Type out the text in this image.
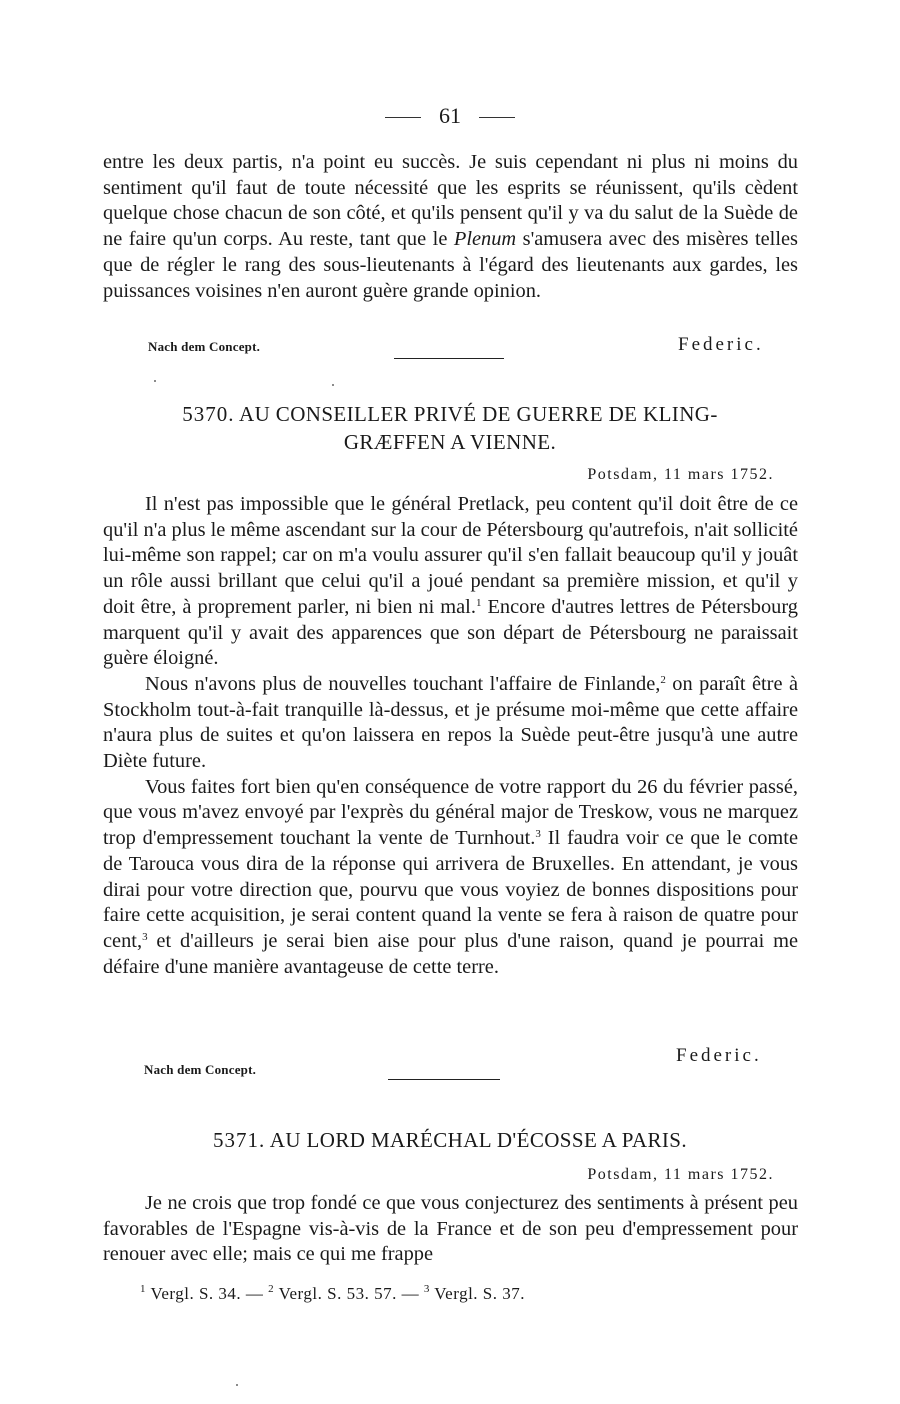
61

entre les deux partis, n'a point eu succès. Je suis cependant ni plus ni moins du sentiment qu'il faut de toute nécessité que les esprits se réunissent, qu'ils cèdent quelque chose chacun de son côté, et qu'ils pensent qu'il y va du salut de la Suède de ne faire qu'un corps. Au reste, tant que le Plenum s'amusera avec des misères telles que de régler le rang des sous-lieutenants à l'égard des lieutenants aux gardes, les puissances voisines n'en auront guère grande opinion.

Nach dem Concept.	Federic.
5370. AU CONSEILLER PRIVÉ DE GUERRE DE KLING-
GRÆFFEN A VIENNE.
Potsdam, 11 mars 1752.

Il n'est pas impossible que le général Pretlack, peu content qu'il doit être de ce qu'il n'a plus le même ascendant sur la cour de Pétersbourg qu'autrefois, n'ait sollicité lui-même son rappel; car on m'a voulu assurer qu'il s'en fallait beaucoup qu'il y jouât un rôle aussi brillant que celui qu'il a joué pendant sa première mission, et qu'il y doit être, à proprement parler, ni bien ni mal.$^1$ Encore d'autres lettres de Pétersbourg marquent qu'il y avait des apparences que son départ de Pétersbourg ne paraissait guère éloigné.

Nous n'avons plus de nouvelles touchant l'affaire de Finlande,$^2$ on paraît être à Stockholm tout-à-fait tranquille là-dessus, et je présume moi-même que cette affaire n'aura plus de suites et qu'on laissera en repos la Suède peut-être jusqu'à une autre Diète future.

Vous faites fort bien qu'en conséquence de votre rapport du 26 du février passé, que vous m'avez envoyé par l'exprès du général major de Treskow, vous ne marquez trop d'empressement touchant la vente de Turnhout.$^3$ Il faudra voir ce que le comte de Tarouca vous dira de la réponse qui arrivera de Bruxelles. En attendant, je vous dirai pour votre direction que, pourvu que vous voyiez de bonnes dispositions pour faire cette acquisition, je serai content quand la vente se fera à raison de quatre pour cent,$^3$ et d'ailleurs je serai bien aise pour plus d'une raison, quand je pourrai me défaire d'une manière avantageuse de cette terre.

Federic.
Nach dem Concept.
5371. AU LORD MARÉCHAL D'ÉCOSSE A PARIS.
Potsdam, 11 mars 1752.

Je ne crois que trop fondé ce que vous conjecturez des sentiments à présent peu favorables de l'Espagne vis-à-vis de la France et de son peu d'empressement pour renouer avec elle; mais ce qui me frappe

$^1$ Vergl. S. 34. — $^2$ Vergl. S. 53. 57. — $^3$ Vergl. S. 37.
